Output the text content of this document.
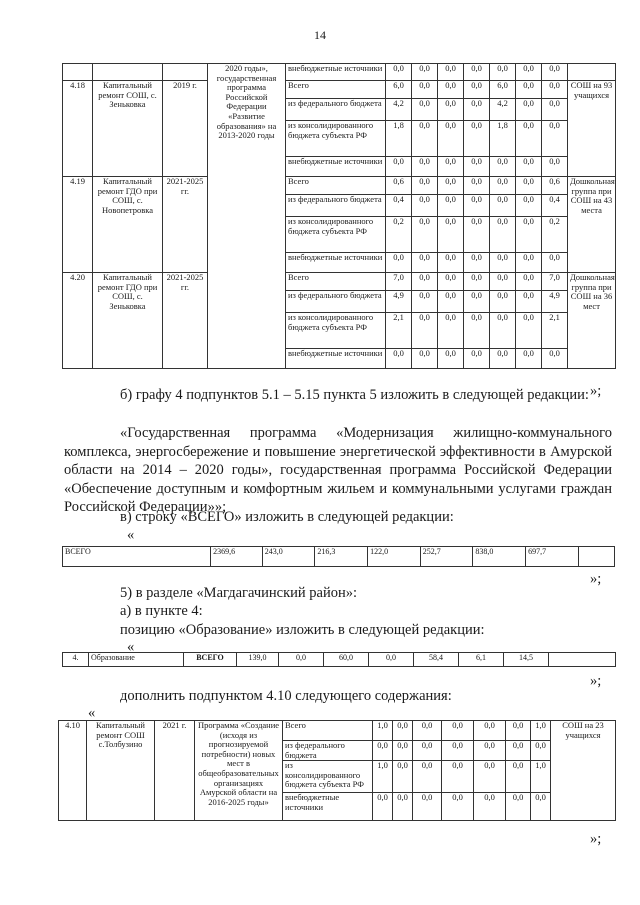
14
			2020 годы», государственная программа Российской Федерации «Развитие образования» на 2013-2020 годы	внебюджетные источники	0,0	0,0	0,0	0,0	0,0	0,0	0,0	
4.18	Капитальный ремонт СОШ, с. Зеньковка	2019 г.		Всего	6,0	0,0	0,0	0,0	6,0	0,0	0,0	СОШ на 93 учащихся
				из федерального бюджета	4,2	0,0	0,0	0,0	4,2	0,0	0,0	
				из консолидированного бюджета субъекта РФ	1,8	0,0	0,0	0,0	1,8	0,0	0,0	
				внебюджетные источники	0,0	0,0	0,0	0,0	0,0	0,0	0,0	
4.19	Капитальный ремонт ГДО при СОШ, с. Новопетровка	2021-2025 гг.		Всего	0,6	0,0	0,0	0,0	0,0	0,0	0,6	Дошкольная группа при СОШ на 43 места
				из федерального бюджета	0,4	0,0	0,0	0,0	0,0	0,0	0,4	
				из консолидированного бюджета субъекта РФ	0,2	0,0	0,0	0,0	0,0	0,0	0,2	
				внебюджетные источники	0,0	0,0	0,0	0,0	0,0	0,0	0,0	
4.20	Капитальный ремонт ГДО при СОШ, с. Зеньковка	2021-2025 гг.		Всего	7,0	0,0	0,0	0,0	0,0	0,0	7,0	Дошкольная группа при СОШ на 36 мест
				из федерального бюджета	4,9	0,0	0,0	0,0	0,0	0,0	4,9	
				из консолидированного бюджета субъекта РФ	2,1	0,0	0,0	0,0	0,0	0,0	2,1	
				внебюджетные источники	0,0	0,0	0,0	0,0	0,0	0,0	0,0	
»;
б) графу 4 подпунктов 5.1 – 5.15 пункта 5 изложить в следующей редакции:
«Государственная программа «Модернизация жилищно-коммунального комплекса, энергосбережение и повышение энергетической эффективности в Амурской области на 2014 – 2020 годы», государственная программа Российской Федерации «Обеспечение доступным и комфортным жильем и коммунальными услугами граждан Российской Федерации»»;
в) строку «ВСЕГО» изложить в следующей редакции:
«
ВСЕГО	2369,6	243,0	216,3	122,0	252,7	838,0	697,7	
»;
5) в разделе «Магдагачинский район»:
а) в пункте 4:
позицию «Образование» изложить в следующей редакции:
«
4.	Образование	ВСЕГО	139,0	0,0	60,0	0,0	58,4	6,1	14,5	
»;
дополнить подпунктом 4.10 следующего содержания:
«
4.10	Капитальный ремонт СОШ с.Толбузино	2021 г.	Программа «Создание (исходя из прогнозируемой потребности) новых мест в общеобразовательных организациях Амурской области на 2016-2025 годы»	Всего	1,0	0,0	0,0	0,0	0,0	0,0	1,0	СОШ на 23 учащихся
				из федерального бюджета	0,0	0,0	0,0	0,0	0,0	0,0	0,0	
				из консолидированного бюджета субъекта РФ	1,0	0,0	0,0	0,0	0,0	0,0	1,0	
				внебюджетные источники	0,0	0,0	0,0	0,0	0,0	0,0	0,0	
»;
